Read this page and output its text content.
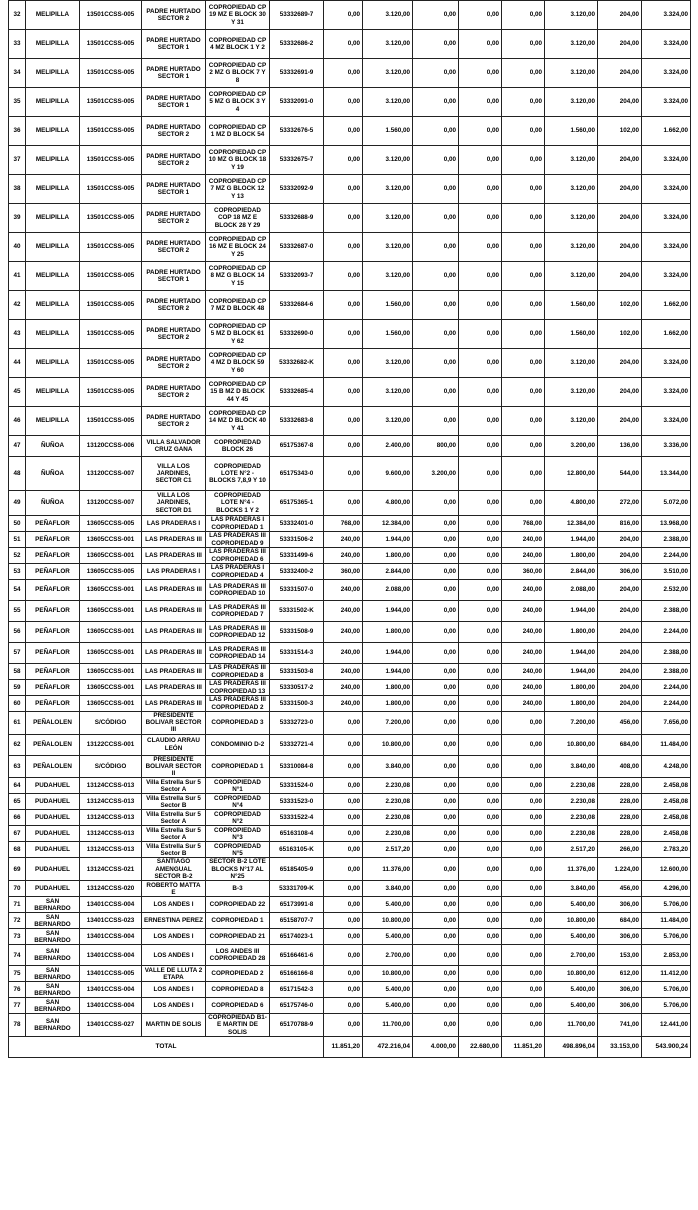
32	MELIPILLA	13501CCSS-005	PADRE HURTADO SECTOR 2	COPROPIEDAD CP 19 MZ E BLOCK 30 Y 31	53332689-7	0,00	3.120,00	0,00	0,00	0,00	3.120,00	204,00	3.324,00
33	MELIPILLA	13501CCSS-005	PADRE HURTADO SECTOR 1	COPROPIEDAD CP 4 MZ BLOCK 1 Y 2	53332686-2	0,00	3.120,00	0,00	0,00	0,00	3.120,00	204,00	3.324,00
34	MELIPILLA	13501CCSS-005	PADRE HURTADO SECTOR 1	COPROPIEDAD CP 2 MZ G BLOCK 7 Y 8	53332691-9	0,00	3.120,00	0,00	0,00	0,00	3.120,00	204,00	3.324,00
35	MELIPILLA	13501CCSS-005	PADRE HURTADO SECTOR 1	COPROPIEDAD CP 5 MZ G BLOCK 3 Y 4	53332091-0	0,00	3.120,00	0,00	0,00	0,00	3.120,00	204,00	3.324,00
36	MELIPILLA	13501CCSS-005	PADRE HURTADO SECTOR 2	COPROPIEDAD CP 1 MZ D BLOCK 54	53332676-5	0,00	1.560,00	0,00	0,00	0,00	1.560,00	102,00	1.662,00
37	MELIPILLA	13501CCSS-005	PADRE HURTADO SECTOR 2	COPROPIEDAD CP 10 MZ G BLOCK 18 Y 19	53332675-7	0,00	3.120,00	0,00	0,00	0,00	3.120,00	204,00	3.324,00
38	MELIPILLA	13501CCSS-005	PADRE HURTADO SECTOR 1	COPROPIEDAD CP 7 MZ G BLOCK 12 Y 13	53332092-9	0,00	3.120,00	0,00	0,00	0,00	3.120,00	204,00	3.324,00
39	MELIPILLA	13501CCSS-005	PADRE HURTADO SECTOR 2	COPROPIEDAD COP 18 MZ E BLOCK 28 Y 29	53332688-9	0,00	3.120,00	0,00	0,00	0,00	3.120,00	204,00	3.324,00
40	MELIPILLA	13501CCSS-005	PADRE HURTADO SECTOR 2	COPROPIEDAD CP 16 MZ E BLOCK 24 Y 25	53332687-0	0,00	3.120,00	0,00	0,00	0,00	3.120,00	204,00	3.324,00
41	MELIPILLA	13501CCSS-005	PADRE HURTADO SECTOR 1	COPROPIEDAD CP 8 MZ G BLOCK 14 Y 15	53332093-7	0,00	3.120,00	0,00	0,00	0,00	3.120,00	204,00	3.324,00
42	MELIPILLA	13501CCSS-005	PADRE HURTADO SECTOR 2	COPROPIEDAD CP 7 MZ D BLOCK 48	53332684-6	0,00	1.560,00	0,00	0,00	0,00	1.560,00	102,00	1.662,00
43	MELIPILLA	13501CCSS-005	PADRE HURTADO SECTOR 2	COPROPIEDAD CP 5 MZ D BLOCK 61 Y 62	53332690-0	0,00	1.560,00	0,00	0,00	0,00	1.560,00	102,00	1.662,00
44	MELIPILLA	13501CCSS-005	PADRE HURTADO SECTOR 2	COPROPIEDAD CP 4 MZ D BLOCK 59 Y 60	53332682-K	0,00	3.120,00	0,00	0,00	0,00	3.120,00	204,00	3.324,00
45	MELIPILLA	13501CCSS-005	PADRE HURTADO SECTOR 2	COPROPIEDAD CP 15 B MZ D BLOCK 44 Y 45	53332685-4	0,00	3.120,00	0,00	0,00	0,00	3.120,00	204,00	3.324,00
46	MELIPILLA	13501CCSS-005	PADRE HURTADO SECTOR 2	COPROPIEDAD CP 14 MZ D BLOCK 40 Y 41	53332683-8	0,00	3.120,00	0,00	0,00	0,00	3.120,00	204,00	3.324,00
47	ÑUÑOA	13120CCSS-006	VILLA SALVADOR CRUZ GANA	COPROPIEDAD BLOCK 26	65175367-8	0,00	2.400,00	800,00	0,00	0,00	3.200,00	136,00	3.336,00
48	ÑUÑOA	13120CCSS-007	VILLA LOS JARDINES, SECTOR C1	COPROPIEDAD LOTE N°2 - BLOCKS 7,8,9 Y 10	65175343-0	0,00	9.600,00	3.200,00	0,00	0,00	12.800,00	544,00	13.344,00
49	ÑUÑOA	13120CCSS-007	VILLA LOS JARDINES, SECTOR D1	COPROPIEDAD LOTE N°4 - BLOCKS 1 Y 2	65175365-1	0,00	4.800,00	0,00	0,00	0,00	4.800,00	272,00	5.072,00
50	PEÑAFLOR	13605CCSS-005	LAS PRADERAS I	LAS PRADERAS I COPROPIEDAD 1	53332401-0	768,00	12.384,00	0,00	0,00	768,00	12.384,00	816,00	13.968,00
51	PEÑAFLOR	13605CCSS-001	LAS PRADERAS III	LAS PRADERAS III COPROPIEDAD 9	53331506-2	240,00	1.944,00	0,00	0,00	240,00	1.944,00	204,00	2.388,00
52	PEÑAFLOR	13605CCSS-001	LAS PRADERAS III	LAS PRADERAS III COPROPIEDAD 6	53331499-6	240,00	1.800,00	0,00	0,00	240,00	1.800,00	204,00	2.244,00
53	PEÑAFLOR	13605CCSS-005	LAS PRADERAS I	LAS PRADERAS I COPROPIEDAD 4	53332400-2	360,00	2.844,00	0,00	0,00	360,00	2.844,00	306,00	3.510,00
54	PEÑAFLOR	13605CCSS-001	LAS PRADERAS III	LAS PRADERAS III COPROPIEDAD 10	53331507-0	240,00	2.088,00	0,00	0,00	240,00	2.088,00	204,00	2.532,00
55	PEÑAFLOR	13605CCSS-001	LAS PRADERAS III	LAS PRADERAS III COPROPIEDAD 7	53331502-K	240,00	1.944,00	0,00	0,00	240,00	1.944,00	204,00	2.388,00
56	PEÑAFLOR	13605CCSS-001	LAS PRADERAS III	LAS PRADERAS III COPROPIEDAD 12	53331508-9	240,00	1.800,00	0,00	0,00	240,00	1.800,00	204,00	2.244,00
57	PEÑAFLOR	13605CCSS-001	LAS PRADERAS III	LAS PRADERAS III COPROPIEDAD 14	53331514-3	240,00	1.944,00	0,00	0,00	240,00	1.944,00	204,00	2.388,00
58	PEÑAFLOR	13605CCSS-001	LAS PRADERAS III	LAS PRADERAS III COPROPIEDAD 8	53331503-8	240,00	1.944,00	0,00	0,00	240,00	1.944,00	204,00	2.388,00
59	PEÑAFLOR	13605CCSS-001	LAS PRADERAS III	LAS PRADERAS III COPROPIEDAD 13	53330517-2	240,00	1.800,00	0,00	0,00	240,00	1.800,00	204,00	2.244,00
60	PEÑAFLOR	13605CCSS-001	LAS PRADERAS III	LAS PRADERAS III COPROPIEDAD 2	53331500-3	240,00	1.800,00	0,00	0,00	240,00	1.800,00	204,00	2.244,00
61	PEÑALOLEN	S/CÓDIGO	PRESIDENTE BOLIVAR SECTOR III	COPROPIEDAD 3	53332723-0	0,00	7.200,00	0,00	0,00	0,00	7.200,00	456,00	7.656,00
62	PEÑALOLEN	13122CCSS-001	CLAUDIO ARRAU LEÓN	CONDOMINIO D-2	53332721-4	0,00	10.800,00	0,00	0,00	0,00	10.800,00	684,00	11.484,00
63	PEÑALOLEN	S/CÓDIGO	PRESIDENTE BOLIVAR SECTOR II	COPROPIEDAD 1	53310084-8	0,00	3.840,00	0,00	0,00	0,00	3.840,00	408,00	4.248,00
64	PUDAHUEL	13124CCSS-013	Villa Estrella Sur 5 Sector A	COPROPIEDAD N°1	53331524-0	0,00	2.230,08	0,00	0,00	0,00	2.230,08	228,00	2.458,08
65	PUDAHUEL	13124CCSS-013	Villa Estrella Sur 5 Sector B	COPROPIEDAD N°4	53331523-0	0,00	2.230,08	0,00	0,00	0,00	2.230,08	228,00	2.458,08
66	PUDAHUEL	13124CCSS-013	Villa Estrella Sur 5 Sector A	COPROPIEDAD N°2	53331522-4	0,00	2.230,08	0,00	0,00	0,00	2.230,08	228,00	2.458,08
67	PUDAHUEL	13124CCSS-013	Villa Estrella Sur 5 Sector A	COPROPIEDAD N°3	65163108-4	0,00	2.230,08	0,00	0,00	0,00	2.230,08	228,00	2.458,08
68	PUDAHUEL	13124CCSS-013	Villa Estrella Sur 5 Sector B	COPROPIEDAD N°5	65163105-K	0,00	2.517,20	0,00	0,00	0,00	2.517,20	266,00	2.783,20
69	PUDAHUEL	13124CCSS-021	SANTIAGO AMENGUAL SECTOR B-2	SECTOR B-2 LOTE BLOCKS N°17 AL N°25	65185405-9	0,00	11.376,00	0,00	0,00	0,00	11.376,00	1.224,00	12.600,00
70	PUDAHUEL	13124CCSS-020	ROBERTO MATTA E	B-3	53331709-K	0,00	3.840,00	0,00	0,00	0,00	3.840,00	456,00	4.296,00
71	SAN BERNARDO	13401CCSS-004	LOS ANDES I	COPROPIEDAD 22	65173991-8	0,00	5.400,00	0,00	0,00	0,00	5.400,00	306,00	5.706,00
72	SAN BERNARDO	13401CCSS-023	ERNESTINA PEREZ	COPROPIEDAD 1	65158707-7	0,00	10.800,00	0,00	0,00	0,00	10.800,00	684,00	11.484,00
73	SAN BERNARDO	13401CCSS-004	LOS ANDES I	COPROPIEDAD 21	65174023-1	0,00	5.400,00	0,00	0,00	0,00	5.400,00	306,00	5.706,00
74	SAN BERNARDO	13401CCSS-004	LOS ANDES I	LOS ANDES III COPROPIEDAD 28	65166461-6	0,00	2.700,00	0,00	0,00	0,00	2.700,00	153,00	2.853,00
75	SAN BERNARDO	13401CCSS-005	VALLE DE LLUTA 2 ETAPA	COPROPIEDAD 2	65166166-8	0,00	10.800,00	0,00	0,00	0,00	10.800,00	612,00	11.412,00
76	SAN BERNARDO	13401CCSS-004	LOS ANDES I	COPROPIEDAD 8	65171542-3	0,00	5.400,00	0,00	0,00	0,00	5.400,00	306,00	5.706,00
77	SAN BERNARDO	13401CCSS-004	LOS ANDES I	COPROPIEDAD 6	65175746-0	0,00	5.400,00	0,00	0,00	0,00	5.400,00	306,00	5.706,00
78	SAN BERNARDO	13401CCSS-027	MARTIN DE SOLIS	COPROPIEDAD B1-E MARTIN DE SOLIS	65170788-9	0,00	11.700,00	0,00	0,00	0,00	11.700,00	741,00	12.441,00
TOTAL						11.851,20	472.216,04	4.000,00	22.680,00	11.851,20	498.896,04	33.153,00	543.900,24
